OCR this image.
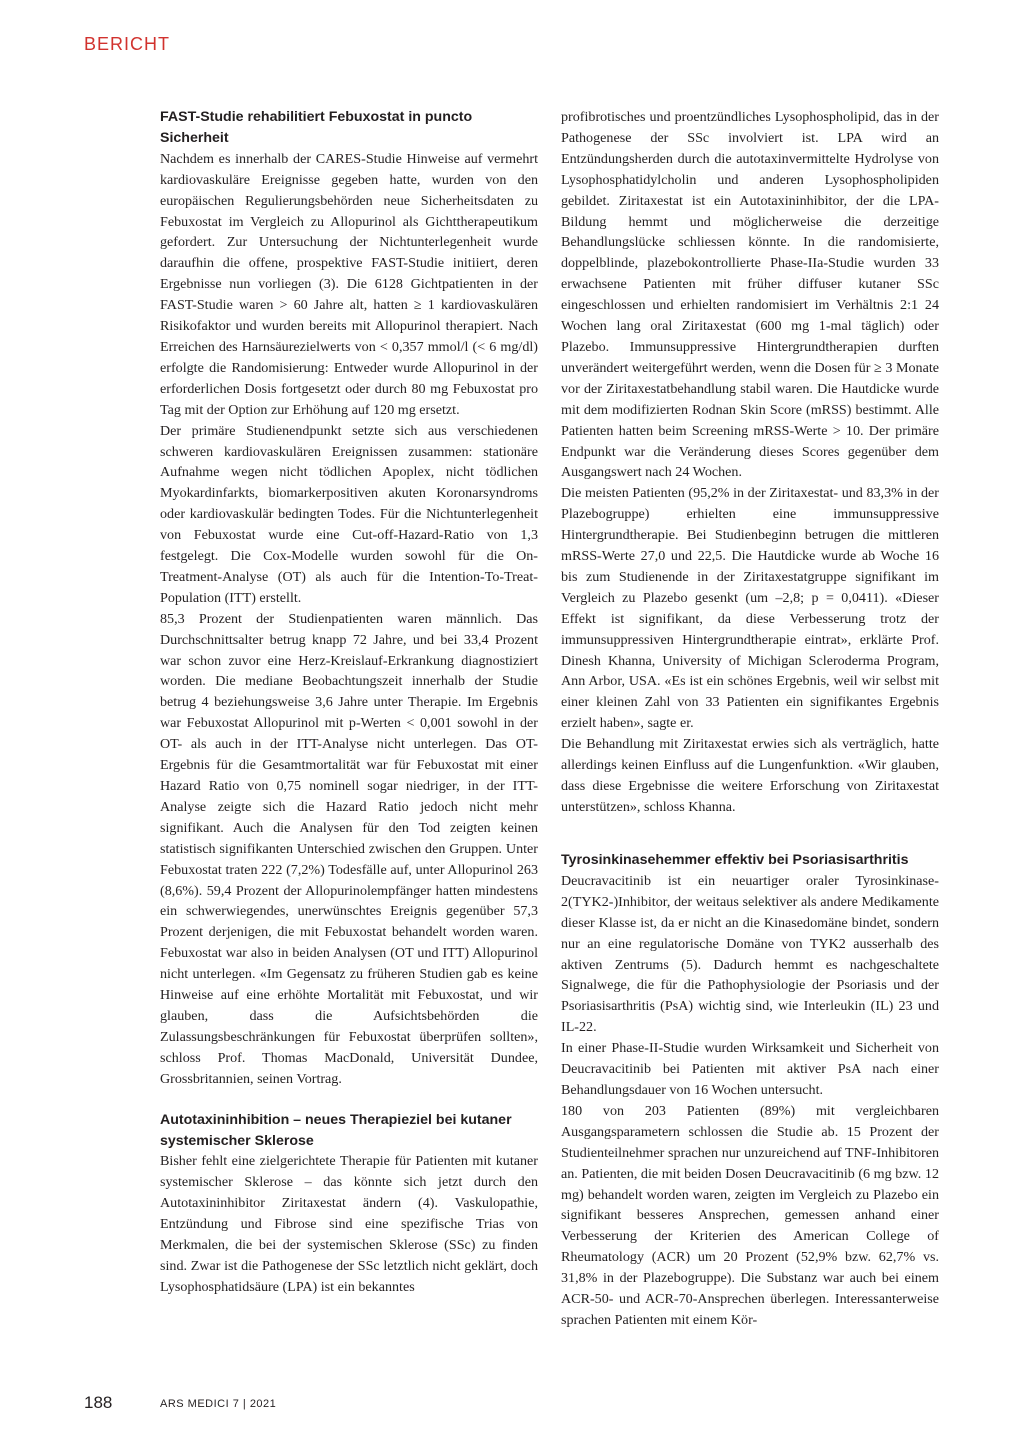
BERICHT
FAST-Studie rehabilitiert Febuxostat in puncto Sicherheit

Nachdem es innerhalb der CARES-Studie Hinweise auf vermehrt kardiovaskuläre Ereignisse gegeben hatte, wurden von den europäischen Regulierungsbehörden neue Sicherheitsdaten zu Febuxostat im Vergleich zu Allopurinol als Gichttherapeutikum gefordert. Zur Untersuchung der Nichtunterlegenheit wurde daraufhin die offene, prospektive FAST-Studie initiiert, deren Ergebnisse nun vorliegen (3). Die 6128 Gichtpatienten in der FAST-Studie waren > 60 Jahre alt, hatten ≥ 1 kardiovaskulären Risikofaktor und wurden bereits mit Allopurinol therapiert. Nach Erreichen des Harnsäurezielwerts von < 0,357 mmol/l (< 6 mg/dl) erfolgte die Randomisierung: Entweder wurde Allopurinol in der erforderlichen Dosis fortgesetzt oder durch 80 mg Febuxostat pro Tag mit der Option zur Erhöhung auf 120 mg ersetzt.

Der primäre Studienendpunkt setzte sich aus verschiedenen schweren kardiovaskulären Ereignissen zusammen: stationäre Aufnahme wegen nicht tödlichen Apoplex, nicht tödlichen Myokardinfarkts, biomarkerpositiven akuten Koronarsyndroms oder kardiovaskulär bedingten Todes. Für die Nichtunterlegenheit von Febuxostat wurde eine Cut-off-Hazard-Ratio von 1,3 festgelegt. Die Cox-Modelle wurden sowohl für die On-Treatment-Analyse (OT) als auch für die Intention-To-Treat-Population (ITT) erstellt.

85,3 Prozent der Studienpatienten waren männlich. Das Durchschnittsalter betrug knapp 72 Jahre, und bei 33,4 Prozent war schon zuvor eine Herz-Kreislauf-Erkrankung diagnostiziert worden. Die mediane Beobachtungszeit innerhalb der Studie betrug 4 beziehungsweise 3,6 Jahre unter Therapie. Im Ergebnis war Febuxostat Allopurinol mit p-Werten < 0,001 sowohl in der OT- als auch in der ITT-Analyse nicht unterlegen. Das OT-Ergebnis für die Gesamtmortalität war für Febuxostat mit einer Hazard Ratio von 0,75 nominell sogar niedriger, in der ITT-Analyse zeigte sich die Hazard Ratio jedoch nicht mehr signifikant. Auch die Analysen für den Tod zeigten keinen statistisch signifikanten Unterschied zwischen den Gruppen. Unter Febuxostat traten 222 (7,2%) Todesfälle auf, unter Allopurinol 263 (8,6%). 59,4 Prozent der Allopurinolempfänger hatten mindestens ein schwerwiegendes, unerwünschtes Ereignis gegenüber 57,3 Prozent derjenigen, die mit Febuxostat behandelt worden waren. Febuxostat war also in beiden Analysen (OT und ITT) Allopurinol nicht unterlegen. «Im Gegensatz zu früheren Studien gab es keine Hinweise auf eine erhöhte Mortalität mit Febuxostat, und wir glauben, dass die Aufsichtsbehörden die Zulassungsbeschränkungen für Febuxostat überprüfen sollten», schloss Prof. Thomas MacDonald, Universität Dundee, Grossbritannien, seinen Vortrag.

Autotaxininhibition – neues Therapieziel bei kutaner systemischer Sklerose

Bisher fehlt eine zielgerichtete Therapie für Patienten mit kutaner systemischer Sklerose – das könnte sich jetzt durch den Autotaxininhibitor Ziritaxestat ändern (4). Vaskulopathie, Entzündung und Fibrose sind eine spezifische Trias von Merkmalen, die bei der systemischen Sklerose (SSc) zu finden sind. Zwar ist die Pathogenese der SSc letztlich nicht geklärt, doch Lysophosphatidsäure (LPA) ist ein bekanntes

profibrotisches und proentzündliches Lysophospholipid, das in der Pathogenese der SSc involviert ist. LPA wird an Entzündungsherden durch die autotaxinvermittelte Hydrolyse von Lysophosphatidylcholin und anderen Lysophospholipiden gebildet. Ziritaxestat ist ein Autotaxininhibitor, der die LPA-Bildung hemmt und möglicherweise die derzeitige Behandlungslücke schliessen könnte. In die randomisierte, doppelblinde, plazebokontrollierte Phase-IIa-Studie wurden 33 erwachsene Patienten mit früher diffuser kutaner SSc eingeschlossen und erhielten randomisiert im Verhältnis 2:1 24 Wochen lang oral Ziritaxestat (600 mg 1-mal täglich) oder Plazebo. Immunsuppressive Hintergrundtherapien durften unverändert weitergeführt werden, wenn die Dosen für ≥ 3 Monate vor der Ziritaxestatbehandlung stabil waren. Die Hautdicke wurde mit dem modifizierten Rodnan Skin Score (mRSS) bestimmt. Alle Patienten hatten beim Screening mRSS-Werte > 10. Der primäre Endpunkt war die Veränderung dieses Scores gegenüber dem Ausgangswert nach 24 Wochen.

Die meisten Patienten (95,2% in der Ziritaxestat- und 83,3% in der Plazebogruppe) erhielten eine immunsuppressive Hintergrundtherapie. Bei Studienbeginn betrugen die mittleren mRSS-Werte 27,0 und 22,5. Die Hautdicke wurde ab Woche 16 bis zum Studienende in der Ziritaxestatgruppe signifikant im Vergleich zu Plazebo gesenkt (um –2,8; p = 0,0411). «Dieser Effekt ist signifikant, da diese Verbesserung trotz der immunsuppressiven Hintergrundtherapie eintrat», erklärte Prof. Dinesh Khanna, University of Michigan Scleroderma Program, Ann Arbor, USA. «Es ist ein schönes Ergebnis, weil wir selbst mit einer kleinen Zahl von 33 Patienten ein signifikantes Ergebnis erzielt haben», sagte er.

Die Behandlung mit Ziritaxestat erwies sich als verträglich, hatte allerdings keinen Einfluss auf die Lungenfunktion. «Wir glauben, dass diese Ergebnisse die weitere Erforschung von Ziritaxestat unterstützen», schloss Khanna.

Tyrosinkinasehemmer effektiv bei Psoriasisarthritis

Deucravacitinib ist ein neuartiger oraler Tyrosinkinase-2(TYK2-)Inhibitor, der weitaus selektiver als andere Medikamente dieser Klasse ist, da er nicht an die Kinasedomäne bindet, sondern nur an eine regulatorische Domäne von TYK2 ausserhalb des aktiven Zentrums (5). Dadurch hemmt es nachgeschaltete Signalwege, die für die Pathophysiologie der Psoriasis und der Psoriasisarthritis (PsA) wichtig sind, wie Interleukin (IL) 23 und IL-22.

In einer Phase-II-Studie wurden Wirksamkeit und Sicherheit von Deucravacitinib bei Patienten mit aktiver PsA nach einer Behandlungsdauer von 16 Wochen untersucht.

180 von 203 Patienten (89%) mit vergleichbaren Ausgangsparametern schlossen die Studie ab. 15 Prozent der Studienteilnehmer sprachen nur unzureichend auf TNF-Inhibitoren an. Patienten, die mit beiden Dosen Deucravacitinib (6 mg bzw. 12 mg) behandelt worden waren, zeigten im Vergleich zu Plazebo ein signifikant besseres Ansprechen, gemessen anhand einer Verbesserung der Kriterien des American College of Rheumatology (ACR) um 20 Prozent (52,9% bzw. 62,7% vs. 31,8% in der Plazebogruppe). Die Substanz war auch bei einem ACR-50- und ACR-70-Ansprechen überlegen. Interessanterweise sprachen Patienten mit einem Kör-

188	ARS MEDICI 7 | 2021
